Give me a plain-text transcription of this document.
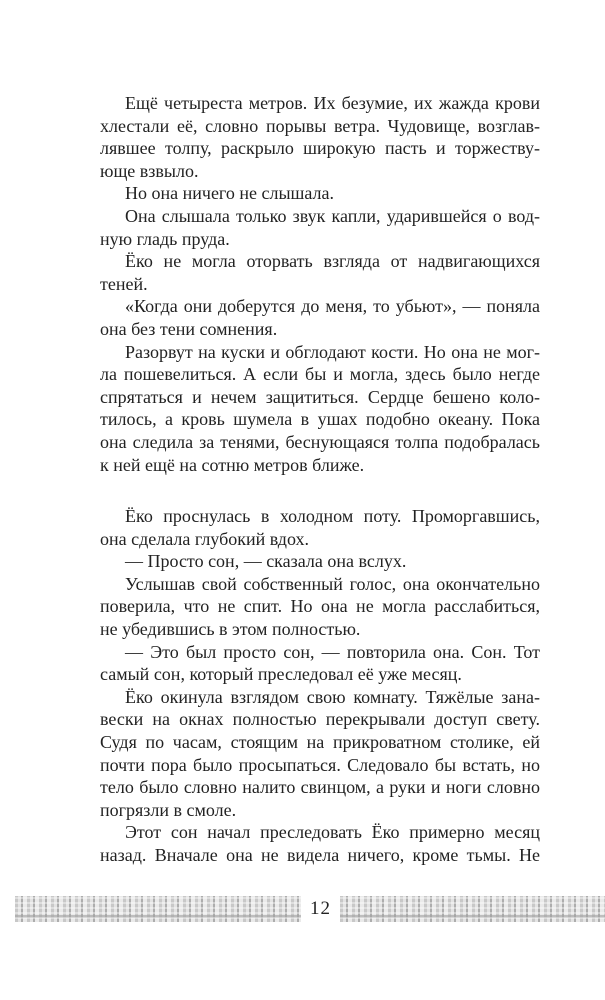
Ещё четыреста метров. Их безумие, их жажда крови
хлестали её, словно порывы ветра. Чудовище, возглав-
лявшее толпу, раскрыло широкую пасть и торжеству-
юще взвыло.
Но она ничего не слышала.
Она слышала только звук капли, ударившейся о вод-
ную гладь пруда.
Ёко не могла оторвать взгляда от надвигающихся
теней.
«Когда они доберутся до меня, то убьют», — поняла
она без тени сомнения.
Разорвут на куски и обглодают кости. Но она не мог-
ла пошевелиться. А если бы и могла, здесь было негде
спрятаться и нечем защититься. Сердце бешено коло-
тилось, а кровь шумела в ушах подобно океану. Пока
она следила за тенями, беснующаяся толпа подобралась
к ней ещё на сотню метров ближе.
Ёко проснулась в холодном поту. Проморгавшись,
она сделала глубокий вдох.
— Просто сон, — сказала она вслух.
Услышав свой собственный голос, она окончательно
поверила, что не спит. Но она не могла расслабиться,
не убедившись в этом полностью.
— Это был просто сон, — повторила она. Сон. Тот
самый сон, который преследовал её уже месяц.
Ёко окинула взглядом свою комнату. Тяжёлые зана-
вески на окнах полностью перекрывали доступ свету.
Судя по часам, стоящим на прикроватном столике, ей
почти пора было просыпаться. Следовало бы встать, но
тело было словно налито свинцом, а руки и ноги словно
погрязли в смоле.
Этот сон начал преследовать Ёко примерно месяц
назад. Вначале она не видела ничего, кроме тьмы. Не
12
